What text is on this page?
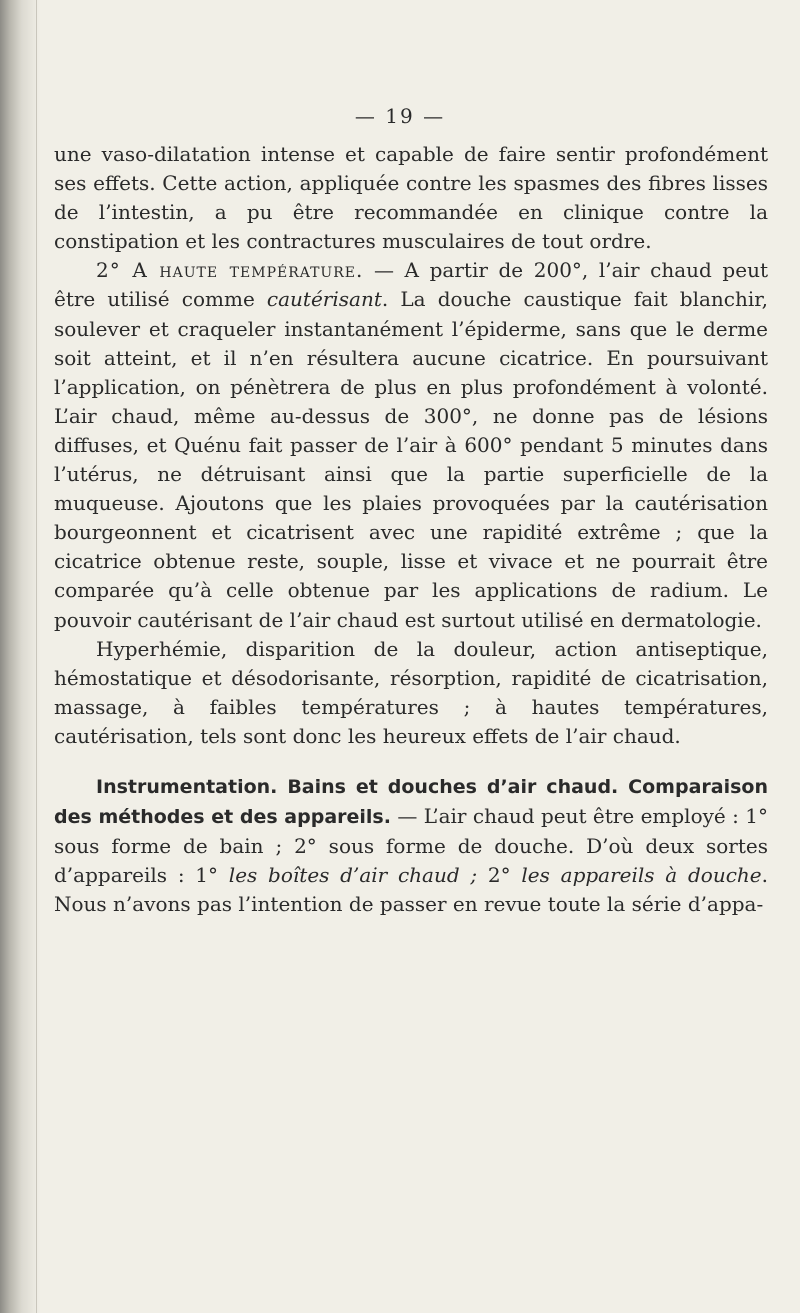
— 19 —

une vaso-dilatation intense et capable de faire sentir profondément ses effets. Cette action, appliquée contre les spasmes des fibres lisses de l’intestin, a pu être recommandée en clinique contre la constipation et les contractures musculaires de tout ordre.

2° A haute température. — A partir de 200°, l’air chaud peut être utilisé comme cautérisant. La douche caustique fait blanchir, soulever et craqueler instantanément l’épiderme, sans que le derme soit atteint, et il n’en résultera aucune cicatrice. En poursuivant l’application, on pénètrera de plus en plus profondément à volonté. L’air chaud, même au-dessus de 300°, ne donne pas de lésions diffuses, et Quénu fait passer de l’air à 600° pendant 5 minutes dans l’utérus, ne détruisant ainsi que la partie superficielle de la muqueuse. Ajoutons que les plaies provoquées par la cautérisation bourgeonnent et cicatrisent avec une rapidité extrême ; que la cicatrice obtenue reste, souple, lisse et vivace et ne pourrait être comparée qu’à celle obtenue par les applications de radium. Le pouvoir cautérisant de l’air chaud est surtout utilisé en dermatologie.

Hyperhémie, disparition de la douleur, action antiseptique, hémostatique et désodorisante, résorption, rapidité de cicatrisation, massage, à faibles températures ; à hautes températures, cautérisation, tels sont donc les heureux effets de l’air chaud.

Instrumentation. Bains et douches d’air chaud. Comparaison des méthodes et des appareils. — L’air chaud peut être employé : 1° sous forme de bain ; 2° sous forme de douche. D’où deux sortes d’appareils : 1° les boîtes d’air chaud ; 2° les appareils à douche. Nous n’avons pas l’intention de passer en revue toute la série d’appa-
